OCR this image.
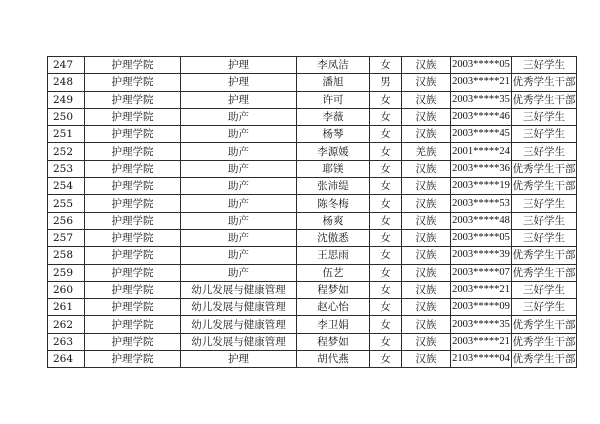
247	护理学院	护理	李凤洁	女	汉族	2003*****05	三好学生
248	护理学院	护理	潘旭	男	汉族	2003*****21	优秀学生干部
249	护理学院	护理	许可	女	汉族	2003*****35	优秀学生干部
250	护理学院	助产	李薇	女	汉族	2003*****46	三好学生
251	护理学院	助产	杨琴	女	汉族	2003*****45	三好学生
252	护理学院	助产	李源媛	女	羌族	2001*****24	三好学生
253	护理学院	助产	耶镁	女	汉族	2003*****36	优秀学生干部
254	护理学院	助产	张沛缇	女	汉族	2003*****19	优秀学生干部
255	护理学院	助产	陈冬梅	女	汉族	2003*****53	三好学生
256	护理学院	助产	杨爽	女	汉族	2003*****48	三好学生
257	护理学院	助产	沈傲悉	女	汉族	2003*****05	三好学生
258	护理学院	助产	王思雨	女	汉族	2003*****39	优秀学生干部
259	护理学院	助产	伍艺	女	汉族	2003*****07	优秀学生干部
260	护理学院	幼儿发展与健康管理	程梦如	女	汉族	2003*****21	三好学生
261	护理学院	幼儿发展与健康管理	赵心怡	女	汉族	2003*****09	三好学生
262	护理学院	幼儿发展与健康管理	李卫娟	女	汉族	2003*****35	优秀学生干部
263	护理学院	幼儿发展与健康管理	程梦如	女	汉族	2003*****21	优秀学生干部
264	护理学院	护理	胡代燕	女	汉族	2103*****04	优秀学生干部
